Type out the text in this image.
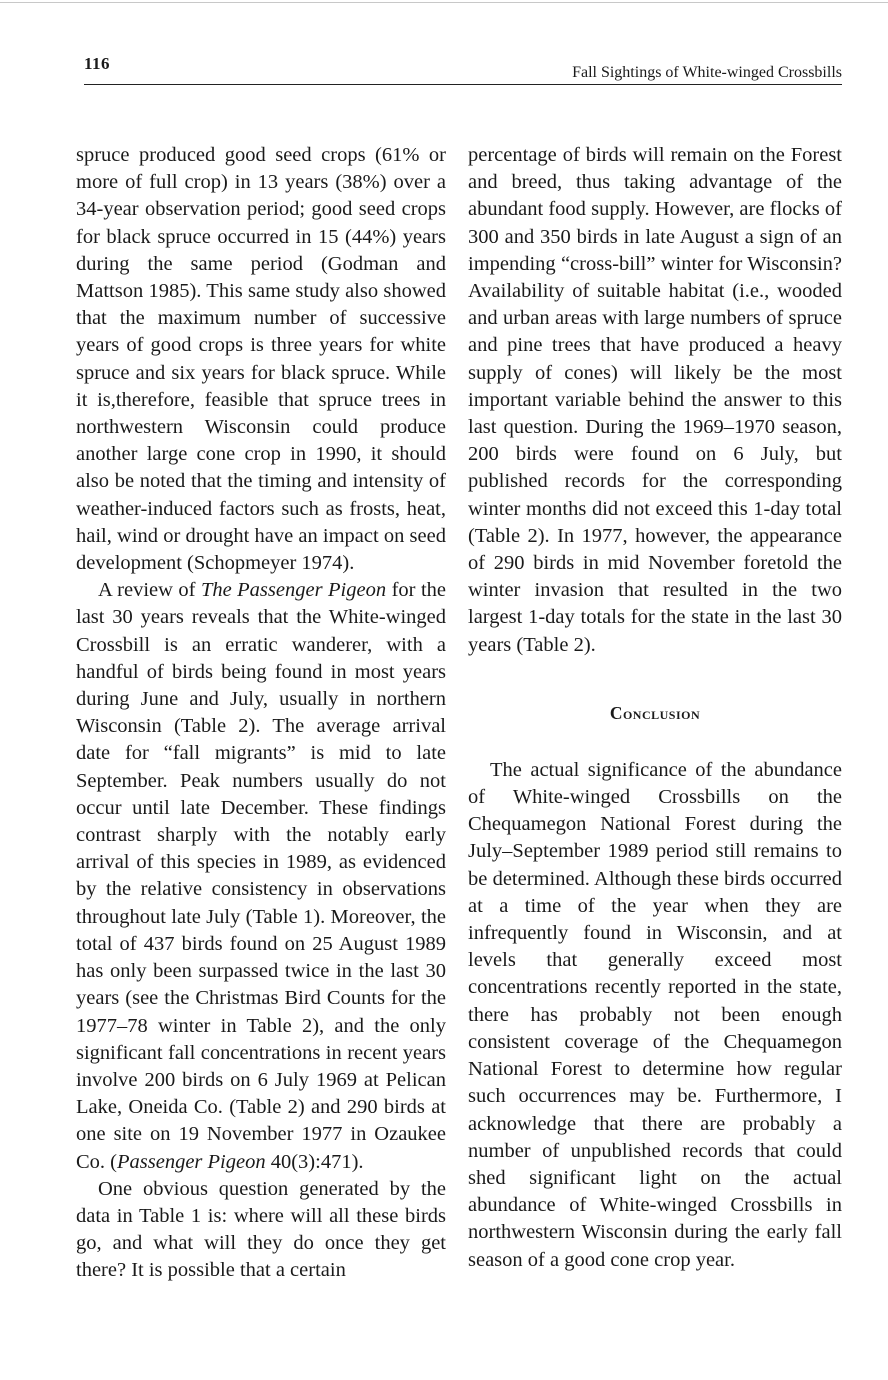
116	Fall Sightings of White-winged Crossbills

spruce produced good seed crops (61% or more of full crop) in 13 years (38%) over a 34-year observation period; good seed crops for black spruce occurred in 15 (44%) years during the same period (Godman and Mattson 1985). This same study also showed that the maximum number of successive years of good crops is three years for white spruce and six years for black spruce. While it is,therefore, feasible that spruce trees in northwestern Wisconsin could produce another large cone crop in 1990, it should also be noted that the timing and intensity of weather-induced factors such as frosts, heat, hail, wind or drought have an impact on seed development (Schopmeyer 1974).

A review of The Passenger Pigeon for the last 30 years reveals that the White-winged Crossbill is an erratic wanderer, with a handful of birds being found in most years during June and July, usually in northern Wisconsin (Table 2). The average arrival date for “fall migrants” is mid to late September. Peak numbers usually do not occur until late December. These findings contrast sharply with the notably early arrival of this species in 1989, as evidenced by the relative consistency in observations throughout late July (Table 1). Moreover, the total of 437 birds found on 25 August 1989 has only been surpassed twice in the last 30 years (see the Christmas Bird Counts for the 1977–78 winter in Table 2), and the only significant fall concentrations in recent years involve 200 birds on 6 July 1969 at Pelican Lake, Oneida Co. (Table 2) and 290 birds at one site on 19 November 1977 in Ozaukee Co. (Passenger Pigeon 40(3):471).

One obvious question generated by the data in Table 1 is: where will all these birds go, and what will they do once they get there? It is possible that a certain

percentage of birds will remain on the Forest and breed, thus taking advantage of the abundant food supply. However, are flocks of 300 and 350 birds in late August a sign of an impending “cross-bill” winter for Wisconsin? Availability of suitable habitat (i.e., wooded and urban areas with large numbers of spruce and pine trees that have produced a heavy supply of cones) will likely be the most important variable behind the answer to this last question. During the 1969–1970 season, 200 birds were found on 6 July, but published records for the corresponding winter months did not exceed this 1-day total (Table 2). In 1977, however, the appearance of 290 birds in mid November foretold the winter invasion that resulted in the two largest 1-day totals for the state in the last 30 years (Table 2).

Conclusion

The actual significance of the abundance of White-winged Crossbills on the Chequamegon National Forest during the July–September 1989 period still remains to be determined. Although these birds occurred at a time of the year when they are infrequently found in Wisconsin, and at levels that generally exceed most concentrations recently reported in the state, there has probably not been enough consistent coverage of the Chequamegon National Forest to determine how regular such occurrences may be. Furthermore, I acknowledge that there are probably a number of unpublished records that could shed significant light on the actual abundance of White-winged Crossbills in northwestern Wisconsin during the early fall season of a good cone crop year.
